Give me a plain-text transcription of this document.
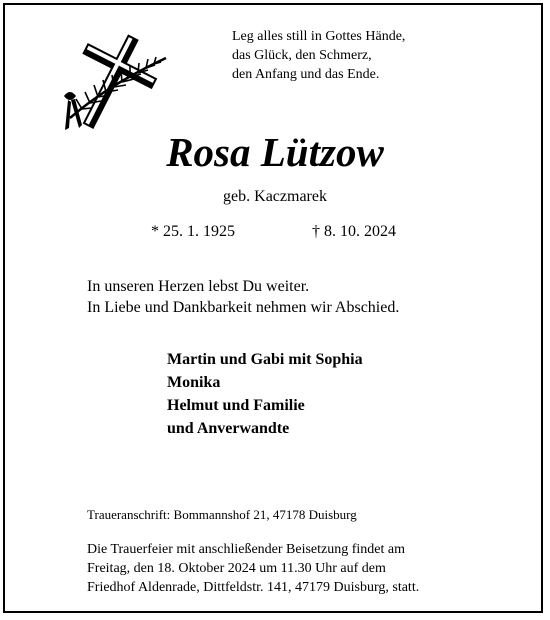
Leg alles still in Gottes Hände,
das Glück, den Schmerz,
den Anfang und das Ende.
Rosa Lützow
geb. Kaczmarek
* 25. 1. 1925	† 8. 10. 2024
In unseren Herzen lebst Du weiter.
In Liebe und Dankbarkeit nehmen wir Abschied.
Martin und Gabi mit Sophia
Monika
Helmut und Familie
und Anverwandte
Traueranschrift: Bommannshof 21, 47178 Duisburg
Die Trauerfeier mit anschließender Beisetzung findet am
Freitag, den 18. Oktober 2024 um 11.30 Uhr auf dem
Friedhof Aldenrade, Dittfeldstr. 141, 47179 Duisburg, statt.
